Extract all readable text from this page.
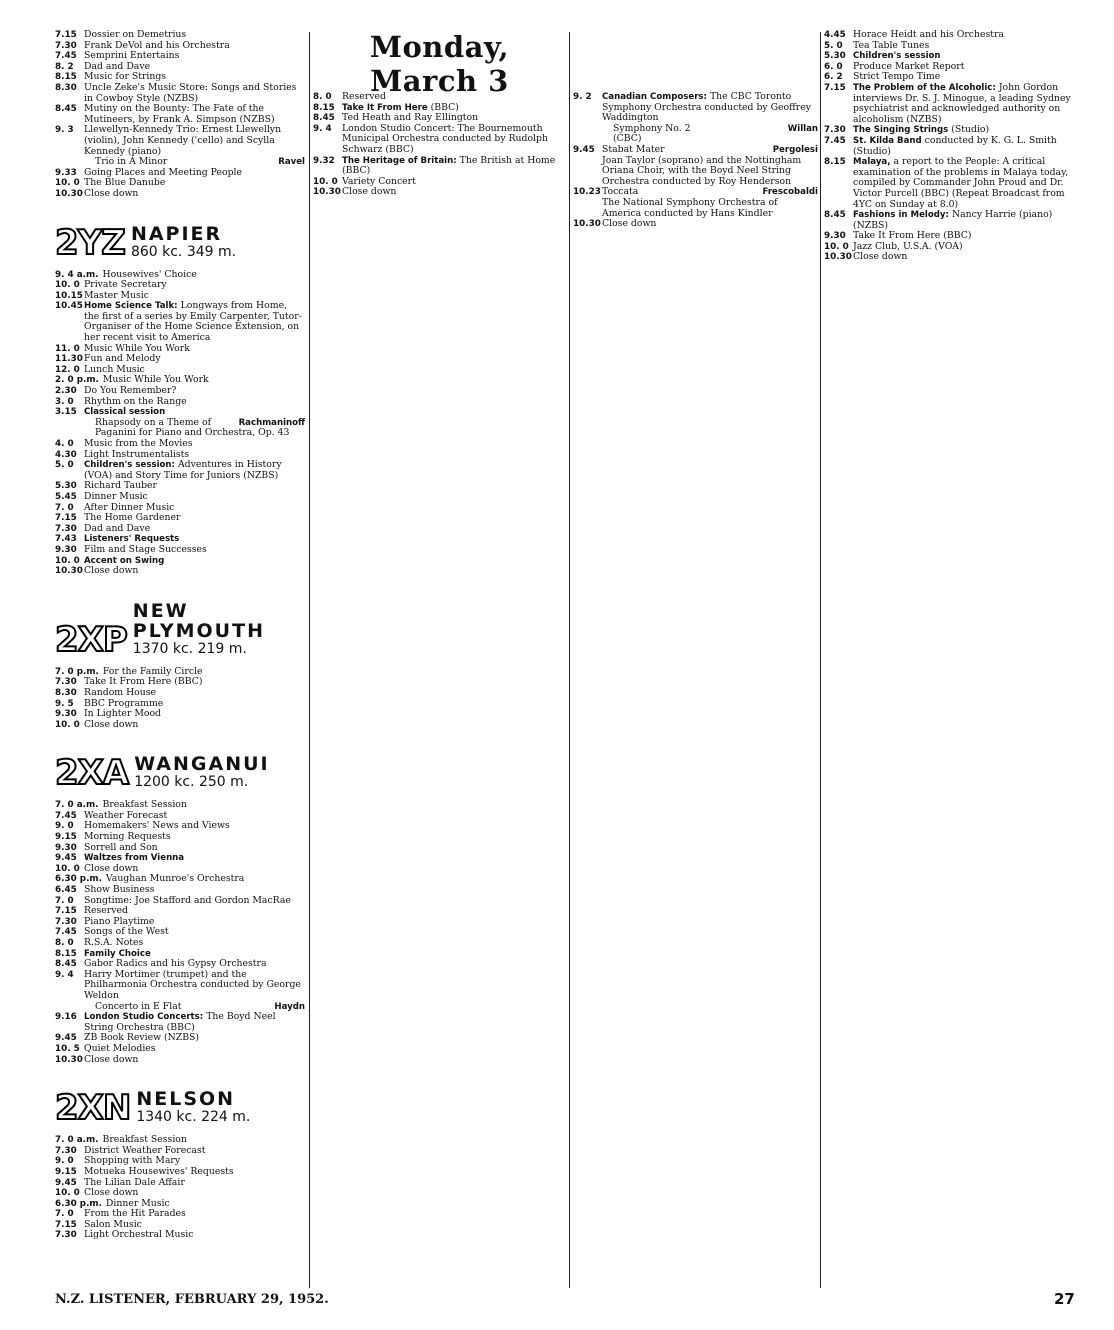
Monday, March 3
7.15 Dossier on Demetrius
7.30 Frank DeVol and his Orchestra
7.45 Semprini Entertains
8. 2 Dad and Dave
8.15 Music for Strings
8.30 Uncle Zeke's Music Store: Songs and Stories in Cowboy Style (NZBS)
8.45 Mutiny on the Bounty: The Fate of the Mutineers, by Frank A. Simpson (NZBS)
9. 3 Llewellyn-Kennedy Trio: Ernest Llewellyn (violin), John Kennedy ('cello) and Scylla Kennedy (piano)
Ravel
Trio in A Minor
9.33 Going Places and Meeting People
10. 0 The Blue Danube
10.30 Close down
2YZ NAPIER
860 kc. 349 m.
9. 4 a.m. Housewives' Choice
10. 0 Private Secretary
10.15 Master Music
10.45 Home Science Talk: Longways from Home, the first of a series by Emily Carpenter, Tutor-Organiser of the Home Science Extension, on her recent visit to America
11. 0 Music While You Work
11.30 Fun and Melody
12. 0 Lunch Music
2. 0 p.m. Music While You Work
2.30 Do You Remember?
3. 0 Rhythm on the Range
3.15 Classical session
Rachmaninoff
Rhapsody on a Theme of Paganini for Piano and Orchestra, Op. 43
4. 0 Music from the Movies
4.30 Light Instrumentalists
5. 0 Children's session: Adventures in History (VOA) and Story Time for Juniors (NZBS)
5.30 Richard Tauber
5.45 Dinner Music
7. 0 After Dinner Music
7.15 The Home Gardener
7.30 Dad and Dave
7.43 Listeners' Requests
9.30 Film and Stage Successes
10. 0 Accent on Swing
10.30 Close down
2XP
NEW PLYMOUTH
1370 kc. 219 m.
7. 0 p.m. For the Family Circle
7.30 Take It From Here (BBC)
8.30 Random House
9. 5 BBC Programme
9.30 In Lighter Mood
10. 0 Close down
2XA WANGANUI
1200 kc. 250 m.
7. 0 a.m. Breakfast Session
7.45 Weather Forecast
9. 0 Homemakers' News and Views
9.15 Morning Requests
9.30 Sorrell and Son
9.45 Waltzes from Vienna
10. 0 Close down
6.30 p.m. Vaughan Munroe's Orchestra
6.45 Show Business
7. 0 Songtime: Joe Stafford and Gordon MacRae
7.15 Reserved
7.30 Piano Playtime
7.45 Songs of the West
8. 0 R.S.A. Notes
8.15 Family Choice
8.45 Gabor Radics and his Gypsy Orchestra
9. 4 Harry Mortimer (trumpet) and the Philharmonia Orchestra conducted by George Weldon
Haydn
Concerto in E Flat
9.16 London Studio Concerts: The Boyd Neel String Orchestra (BBC)
9.45 ZB Book Review (NZBS)
10. 5 Quiet Melodies
10.30 Close down
2XN NELSON
1340 kc. 224 m.
7. 0 a.m. Breakfast Session
7.30 District Weather Forecast
9. 0 Shopping with Mary
9.15 Motueka Housewives' Requests
9.45 The Lilian Dale Affair
10. 0 Close down
6.30 p.m. Dinner Music
7. 0 From the Hit Parades
7.15 Salon Music
7.30 Light Orchestral Music
8. 0 Reserved
8.15 Take It From Here (BBC)
8.45 Ted Heath and Ray Ellington
9. 4 London Studio Concert: The Bournemouth Municipal Orchestra conducted by Rudolph Schwarz (BBC)
9.32 The Heritage of Britain: The British at Home (BBC)
10. 0 Variety Concert
10.30 Close down
9. 2 Canadian Composers: The CBC Toronto Symphony Orchestra conducted by Geoffrey Waddington
Willan
Symphony No. 2
(CBC)
9.45	Pergolesi
Stabat Mater
Joan Taylor (soprano) and the Nottingham Oriana Choir, with the Boyd Neel String Orchestra conducted by Roy Henderson
10.23	Frescobaldi
Toccata
The National Symphony Orchestra of America conducted by Hans Kindler
10.30 Close down
4.45 Horace Heidt and his Orchestra
5. 0 Tea Table Tunes
5.30 Children's session
6. 0 Produce Market Report
6. 2 Strict Tempo Time
7.15 The Problem of the Alcoholic: John Gordon interviews Dr. S. J. Minogue, a leading Sydney psychiatrist and acknowledged authority on alcoholism (NZBS)
7.30 The Singing Strings (Studio)
7.45 St. Kilda Band conducted by K. G. L. Smith (Studio)
8.15 Malaya, a report to the People: A critical examination of the problems in Malaya today, compiled by Commander John Proud and Dr. Victor Purcell (BBC) (Repeat Broadcast from 4YC on Sunday at 8.0)
8.45 Fashions in Melody: Nancy Harrie (piano) (NZBS)
9.30 Take It From Here (BBC)
10. 0 Jazz Club, U.S.A. (VOA)
10.30 Close down
N.Z. LISTENER, FEBRUARY 29, 1952.	27
